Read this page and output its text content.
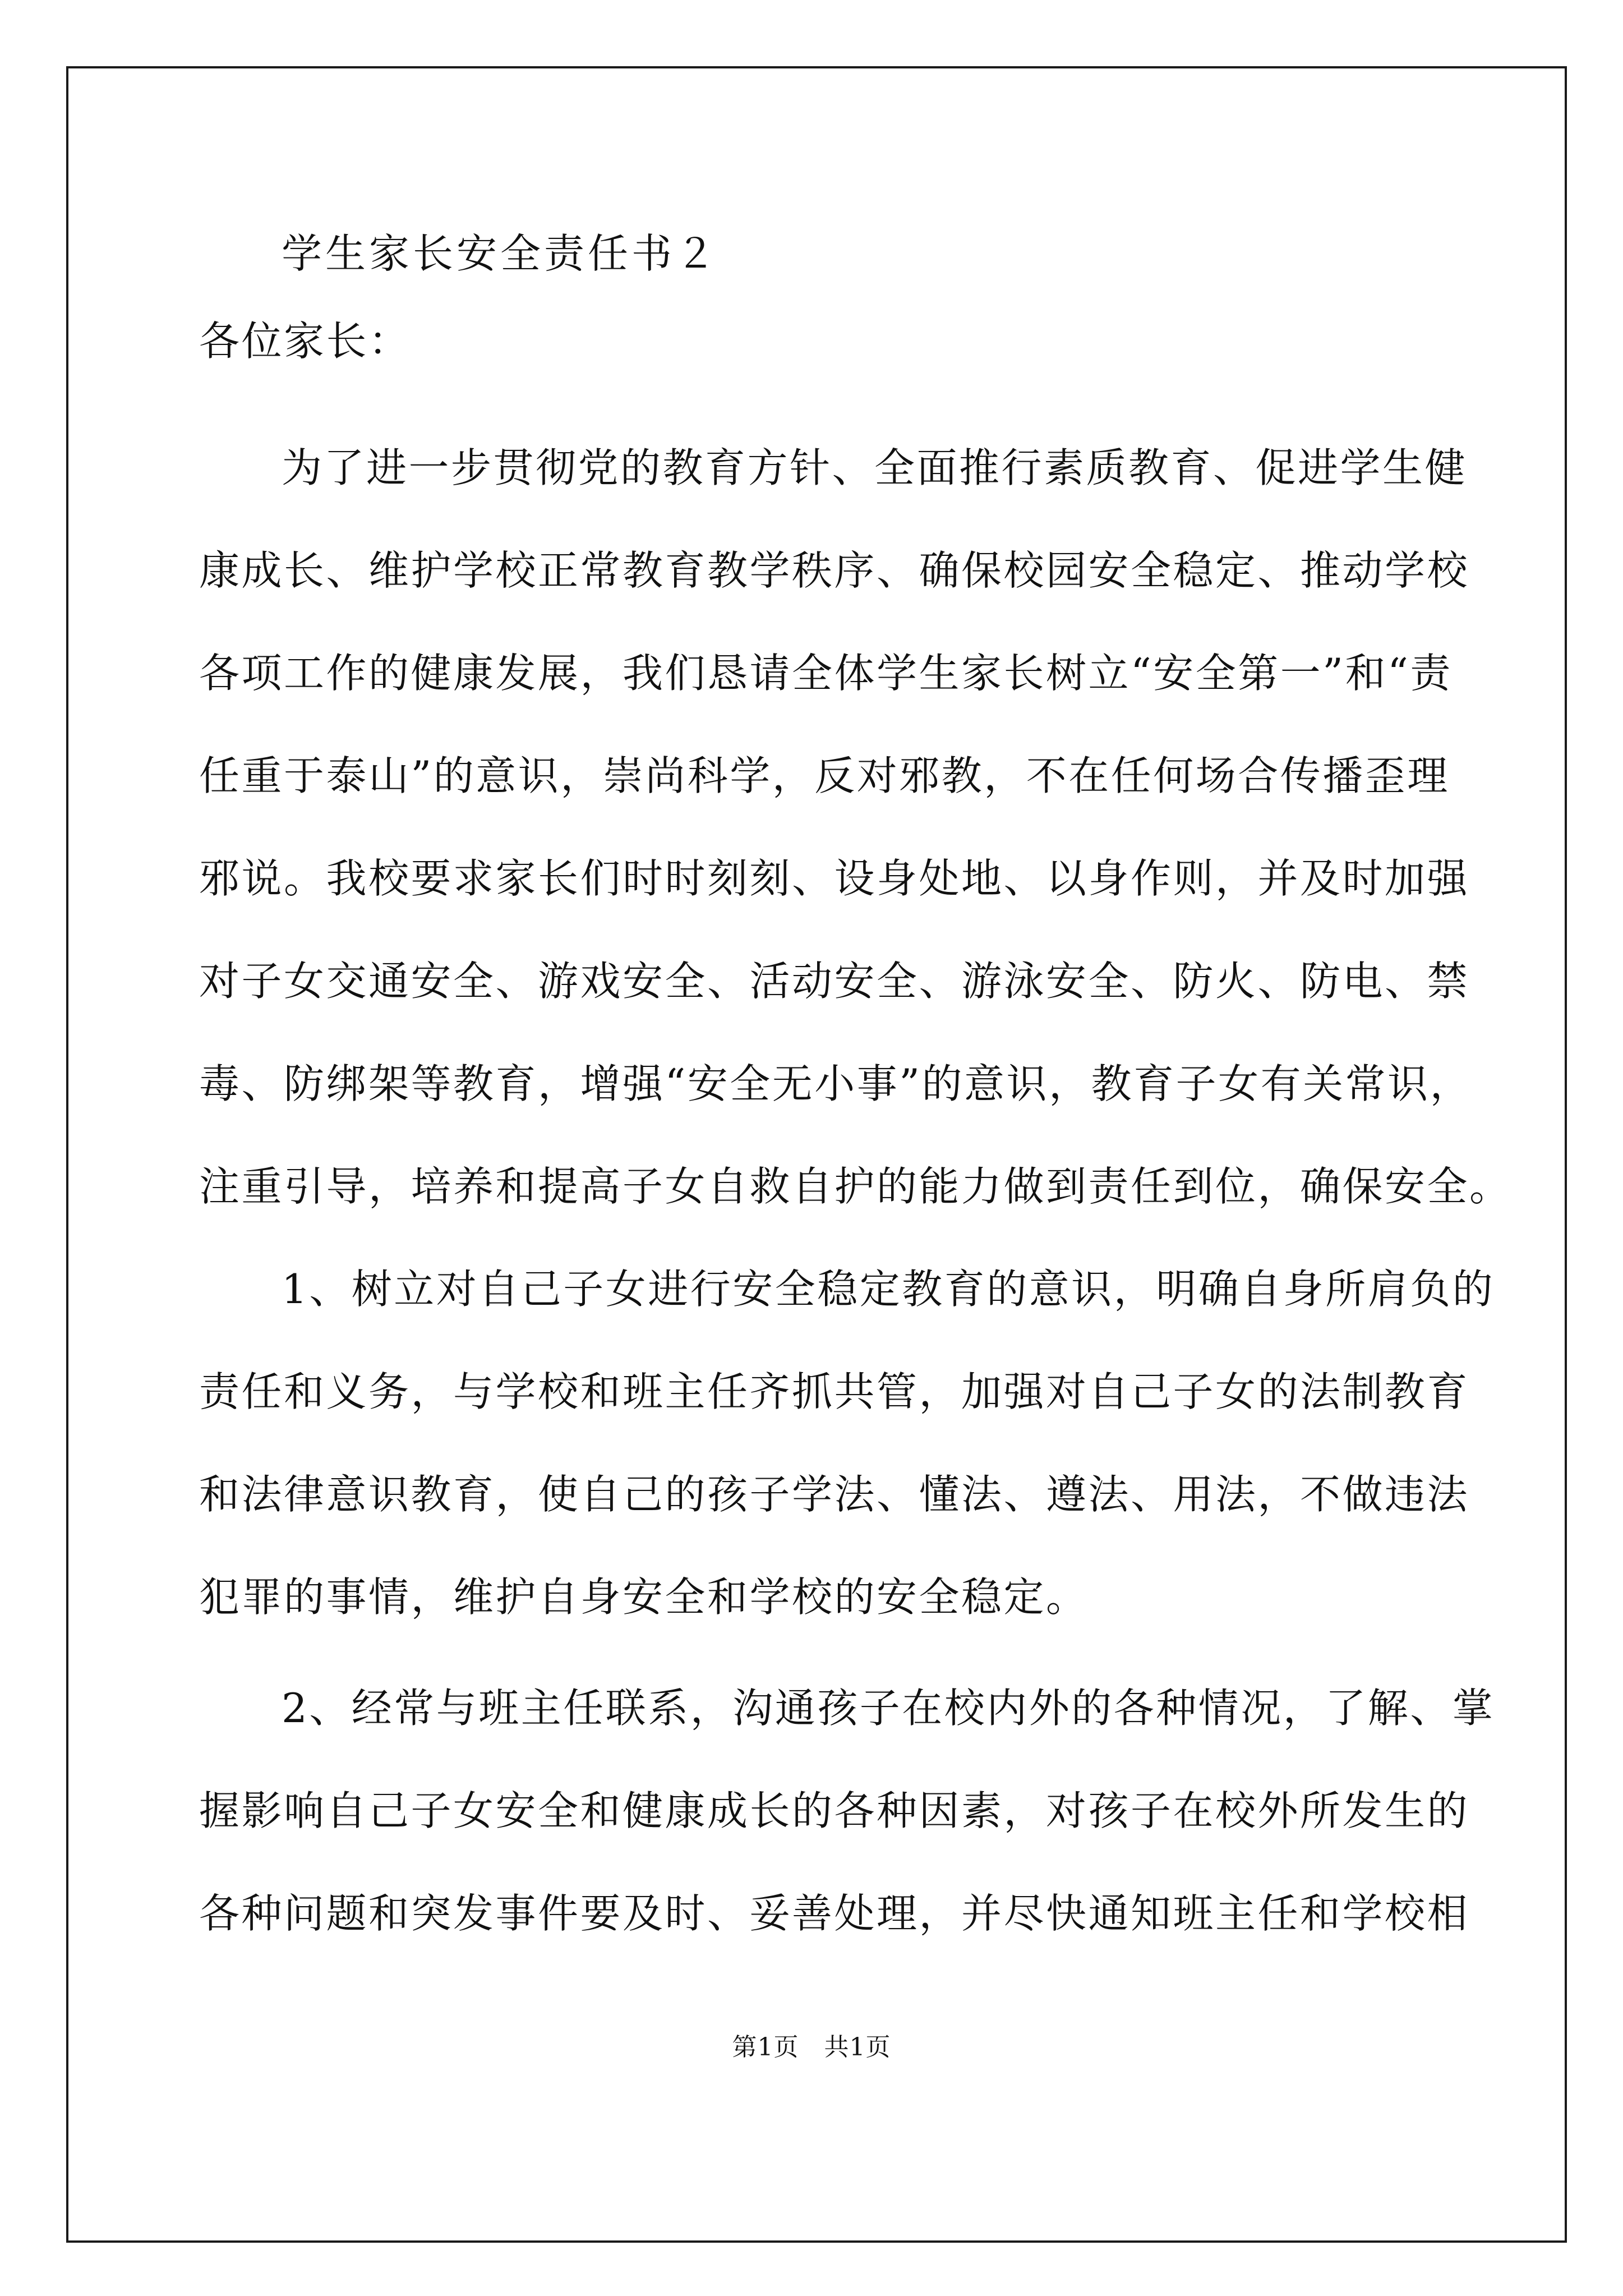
学生家长安全责任书２
各位家长：
为了进一步贯彻党的教育方针、全面推行素质教育、促进学生健
康成长、维护学校正常教育教学秩序、确保校园安全稳定、推动学校
各项工作的健康发展，我们恳请全体学生家长树立“安全第一”和“责
任重于泰山”的意识，崇尚科学，反对邪教，不在任何场合传播歪理
邪说。我校要求家长们时时刻刻、设身处地、以身作则，并及时加强
对子女交通安全、游戏安全、活动安全、游泳安全、防火、防电、禁
毒、防绑架等教育，增强“安全无小事”的意识，教育子女有关常识，
注重引导，培养和提高子女自救自护的能力做到责任到位，确保安全。
1、树立对自己子女进行安全稳定教育的意识，明确自身所肩负的
责任和义务，与学校和班主任齐抓共管，加强对自己子女的法制教育
和法律意识教育，使自己的孩子学法、懂法、遵法、用法，不做违法
犯罪的事情，维护自身安全和学校的安全稳定。
2、经常与班主任联系，沟通孩子在校内外的各种情况，了解、掌
握影响自己子女安全和健康成长的各种因素，对孩子在校外所发生的
各种问题和突发事件要及时、妥善处理，并尽快通知班主任和学校相
第1页　共1页
